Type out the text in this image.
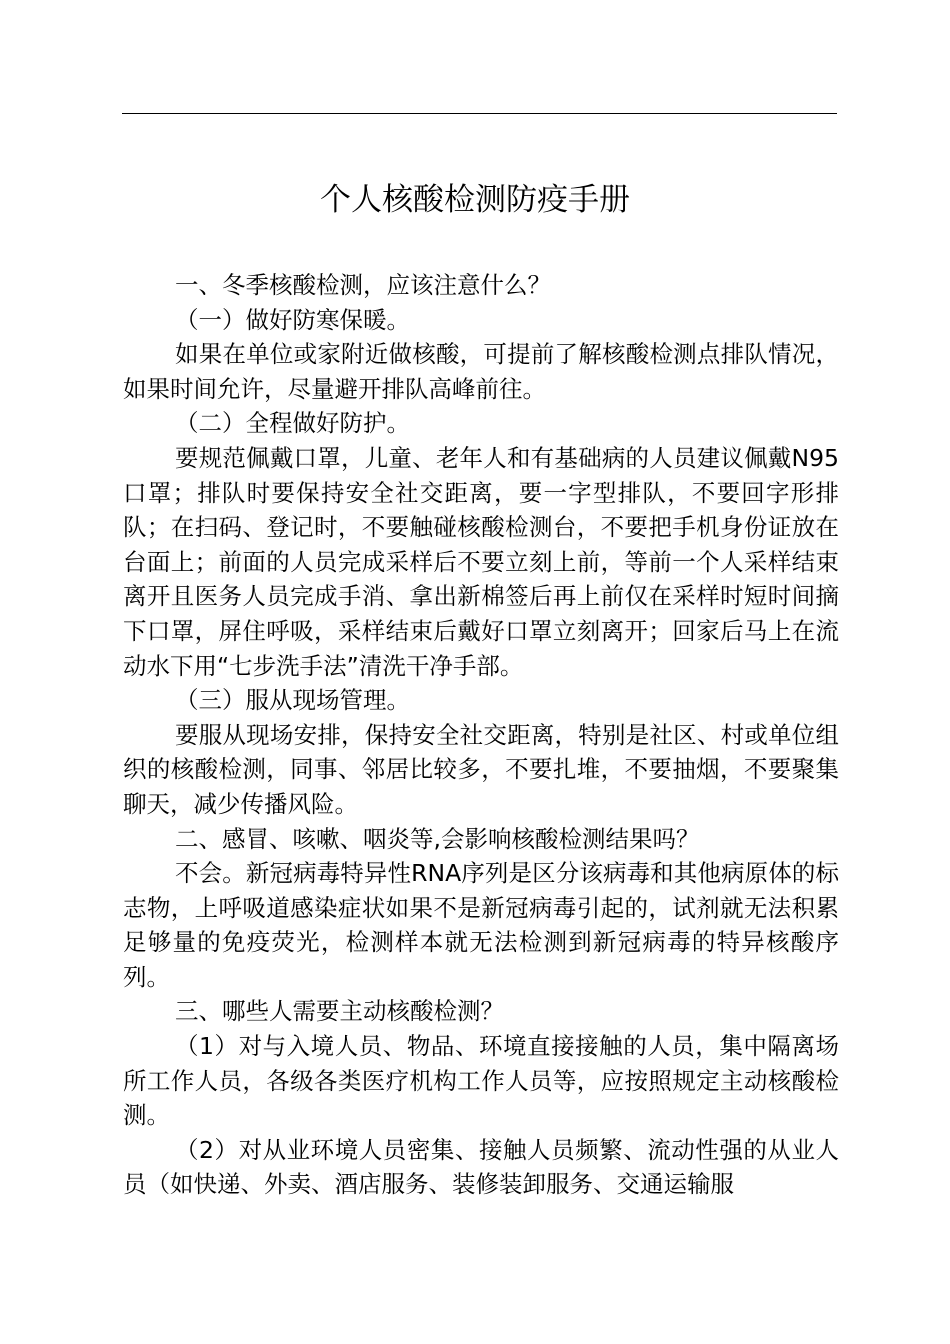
个人核酸检测防疫手册

一、冬季核酸检测，应该注意什么？

（一）做好防寒保暖。

如果在单位或家附近做核酸，可提前了解核酸检测点排队情况，如果时间允许，尽量避开排队高峰前往。

（二）全程做好防护。

要规范佩戴口罩，儿童、老年人和有基础病的人员建议佩戴N95口罩；排队时要保持安全社交距离，要一字型排队，不要回字形排队；在扫码、登记时，不要触碰核酸检测台，不要把手机身份证放在台面上；前面的人员完成采样后不要立刻上前，等前一个人采样结束离开且医务人员完成手消、拿出新棉签后再上前仅在采样时短时间摘下口罩，屏住呼吸，采样结束后戴好口罩立刻离开；回家后马上在流动水下用“七步洗手法”清洗干净手部。

（三）服从现场管理。

要服从现场安排，保持安全社交距离，特别是社区、村或单位组织的核酸检测，同事、邻居比较多，不要扎堆，不要抽烟，不要聚集聊天，减少传播风险。

二、感冒、咳嗽、咽炎等,会影响核酸检测结果吗？

不会。新冠病毒特异性RNA序列是区分该病毒和其他病原体的标志物，上呼吸道感染症状如果不是新冠病毒引起的，试剂就无法积累足够量的免疫荧光，检测样本就无法检测到新冠病毒的特异核酸序列。

三、哪些人需要主动核酸检测？

（1）对与入境人员、物品、环境直接接触的人员，集中隔离场所工作人员，各级各类医疗机构工作人员等，应按照规定主动核酸检测。

（2）对从业环境人员密集、接触人员频繁、流动性强的从业人员（如快递、外卖、酒店服务、装修装卸服务、交通运输服
